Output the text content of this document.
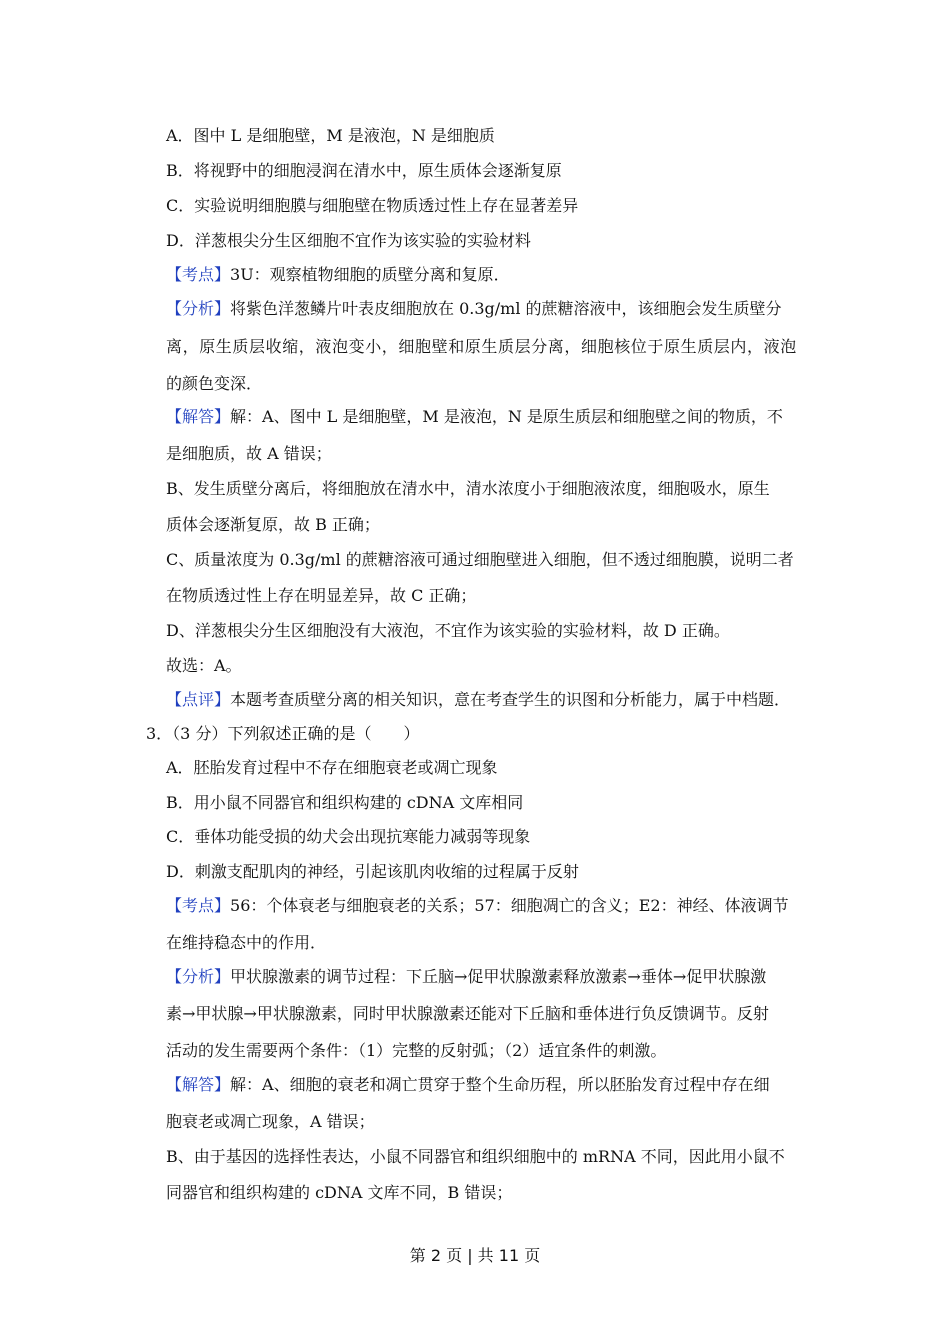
A．图中 L 是细胞壁，M 是液泡，N 是细胞质
B．将视野中的细胞浸润在清水中，原生质体会逐渐复原
C．实验说明细胞膜与细胞壁在物质透过性上存在显著差异
D．洋葱根尖分生区细胞不宜作为该实验的实验材料
【考点】3U：观察植物细胞的质壁分离和复原．
【分析】将紫色洋葱鳞片叶表皮细胞放在 0.3g/ml 的蔗糖溶液中，该细胞会发生质壁分
离，原生质层收缩，液泡变小，细胞壁和原生质层分离，细胞核位于原生质层内，液泡
的颜色变深．
【解答】解：A、图中 L 是细胞壁，M 是液泡，N 是原生质层和细胞壁之间的物质，不
是细胞质，故 A 错误；
B、发生质壁分离后，将细胞放在清水中，清水浓度小于细胞液浓度，细胞吸水，原生
质体会逐渐复原，故 B 正确；
C、质量浓度为 0.3g/ml 的蔗糖溶液可通过细胞壁进入细胞，但不透过细胞膜，说明二者
在物质透过性上存在明显差异，故 C 正确；
D、洋葱根尖分生区细胞没有大液泡，不宜作为该实验的实验材料，故 D 正确。
故选：A。
【点评】本题考查质壁分离的相关知识，意在考查学生的识图和分析能力，属于中档题．
3．（3 分）下列叙述正确的是（　　）
A．胚胎发育过程中不存在细胞衰老或凋亡现象
B．用小鼠不同器官和组织构建的 cDNA 文库相同
C．垂体功能受损的幼犬会出现抗寒能力减弱等现象
D．刺激支配肌肉的神经，引起该肌肉收缩的过程属于反射
【考点】56：个体衰老与细胞衰老的关系；57：细胞凋亡的含义；E2：神经、体液调节
在维持稳态中的作用．
【分析】甲状腺激素的调节过程：下丘脑→促甲状腺激素释放激素→垂体→促甲状腺激
素→甲状腺→甲状腺激素，同时甲状腺激素还能对下丘脑和垂体进行负反馈调节。反射
活动的发生需要两个条件：（1）完整的反射弧；（2）适宜条件的刺激。
【解答】解：A、细胞的衰老和凋亡贯穿于整个生命历程，所以胚胎发育过程中存在细
胞衰老或凋亡现象，A 错误；
B、由于基因的选择性表达，小鼠不同器官和组织细胞中的 mRNA 不同，因此用小鼠不
同器官和组织构建的 cDNA 文库不同，B 错误；
第 2 页 | 共 11 页
